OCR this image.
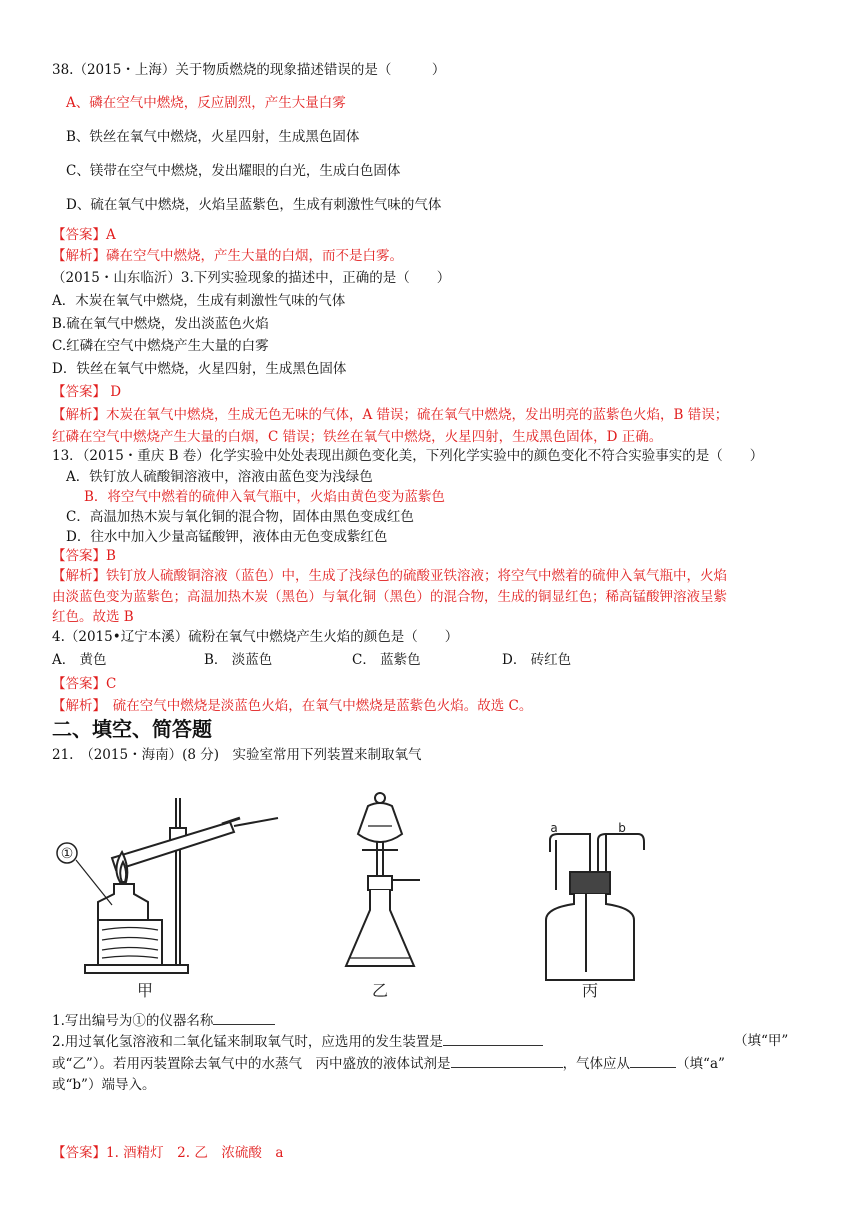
38.（2015・上海）关于物质燃烧的现象描述错误的是（　　　）
A、磷在空气中燃烧，反应剧烈，产生大量白雾
B、铁丝在氧气中燃烧，火星四射，生成黑色固体
C、镁带在空气中燃烧，发出耀眼的白光，生成白色固体
D、硫在氧气中燃烧，火焰呈蓝紫色，生成有刺激性气味的气体
【答案】A
【解析】磷在空气中燃烧，产生大量的白烟，而不是白雾。
（2015・山东临沂）3.下列实验现象的描述中，正确的是（　　）
A．木炭在氧气中燃烧，生成有刺激性气味的气体
B.硫在氧气中燃烧，发出淡蓝色火焰
C.红磷在空气中燃烧产生大量的白雾
D．铁丝在氧气中燃烧，火星四射，生成黑色固体
【答案】 D
【解析】木炭在氧气中燃烧，生成无色无味的气体，A 错误；硫在氧气中燃烧，发出明亮的蓝紫色火焰，B 错误；
红磷在空气中燃烧产生大量的白烟，C 错误；铁丝在氧气中燃烧，火星四射，生成黑色固体，D 正确。
13．（2015・重庆 B 卷）化学实验中处处表现出颜色变化美，下列化学实验中的颜色变化不符合实验事实的是（　　）
A．铁钉放人硫酸铜溶液中，溶液由蓝色变为浅绿色
B．将空气中燃着的硫伸入氧气瓶中，火焰由黄色变为蓝紫色
C．高温加热木炭与氧化铜的混合物，固体由黑色变成红色
D．往水中加入少量高锰酸钾，液体由无色变成紫红色
【答案】B
【解析】铁钉放人硫酸铜溶液（蓝色）中，生成了浅绿色的硫酸亚铁溶液；将空气中燃着的硫伸入氧气瓶中，火焰
由淡蓝色变为蓝紫色；高温加热木炭（黑色）与氧化铜（黑色）的混合物，生成的铜显红色；稀高锰酸钾溶液呈紫
红色。故选 B
4.（2015•辽宁本溪）硫粉在氧气中燃烧产生火焰的颜色是（　　）
A． 黄色	B． 淡蓝色	C． 蓝紫色	D． 砖红色
【答案】C
【解析】　硫在空气中燃烧是淡蓝色火焰，在氧气中燃烧是蓝紫色火焰。故选 C。
二、填空、简答题
21.　（2015・海南）(8 分)　实验室常用下列装置来制取氧气
①
甲	乙
a	b
丙
1.写出编号为①的仪器名称
2.用过氧化氢溶液和二氧化锰来制取氧气时，应选用的发生装置是	（填“甲”
或“乙”）。若用丙装置除去氧气中的水蒸气　丙中盛放的液体试剂是	，气体应从	（填“a”
或“b”）端导入。
【答案】1. 酒精灯　2. 乙　浓硫酸　a
